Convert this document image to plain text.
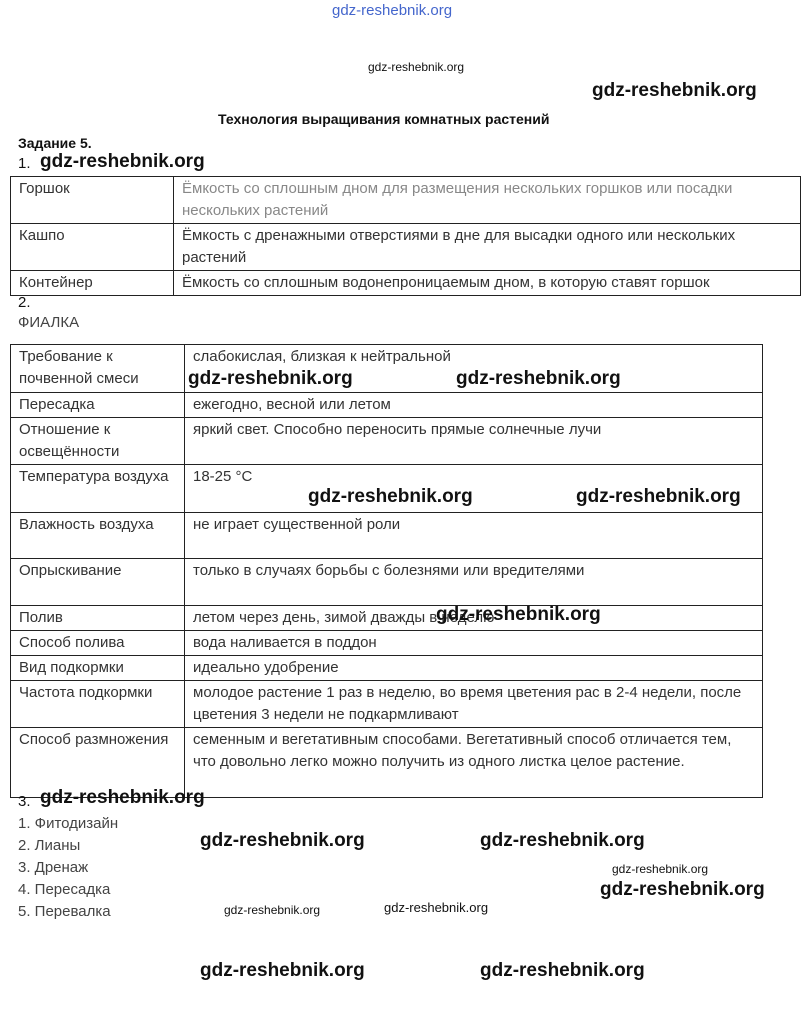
Технология выращивания комнатных растений
Задание 5.
1.
Горшок	Ёмкость со сплошным дном для размещения нескольких горшков или посадки нескольких растений
Кашпо	Ёмкость с дренажными отверстиями в дне для высадки одного или нескольких растений
Контейнер	Ёмкость со сплошным водонепроницаемым дном, в которую ставят горшок
2.
ФИАЛКА
Требование к почвенной смеси	слабокислая, близкая к нейтральной
Пересадка	ежегодно, весной или летом
Отношение к освещённости	яркий свет. Способно переносить прямые солнечные лучи
Температура воздуха	18-25 °С
Влажность воздуха	не играет существенной роли
Опрыскивание	только в случаях борьбы с болезнями или вредителями
Полив	летом через день, зимой дважды в неделю
Способ полива	вода наливается в поддон
Вид подкормки	идеально удобрение
Частота подкормки	молодое растение 1 раз в неделю, во время цветения рас в 2-4 недели, после цветения 3 недели не подкармливают
Способ размножения	семенным и вегетативным способами. Вегетативный способ отличается тем, что довольно легко можно получить из одного листка целое растение.
3.
1. Фитодизайн
2. Лианы
3. Дренаж
4. Пересадка
5. Перевалка
gdz-reshebnik.org
gdz-reshebnik.org
gdz-reshebnik.org
gdz-reshebnik.org
gdz-reshebnik.org
gdz-reshebnik.org
gdz-reshebnik.org	gdz-reshebnik.org
gdz-reshebnik.org	gdz-reshebnik.org
gdz-reshebnik.org
gdz-reshebnik.org
gdz-reshebnik.org
gdz-reshebnik.org
gdz-reshebnik.org
gdz-reshebnik.org
gdz-reshebnik.org	gdz-reshebnik.org
